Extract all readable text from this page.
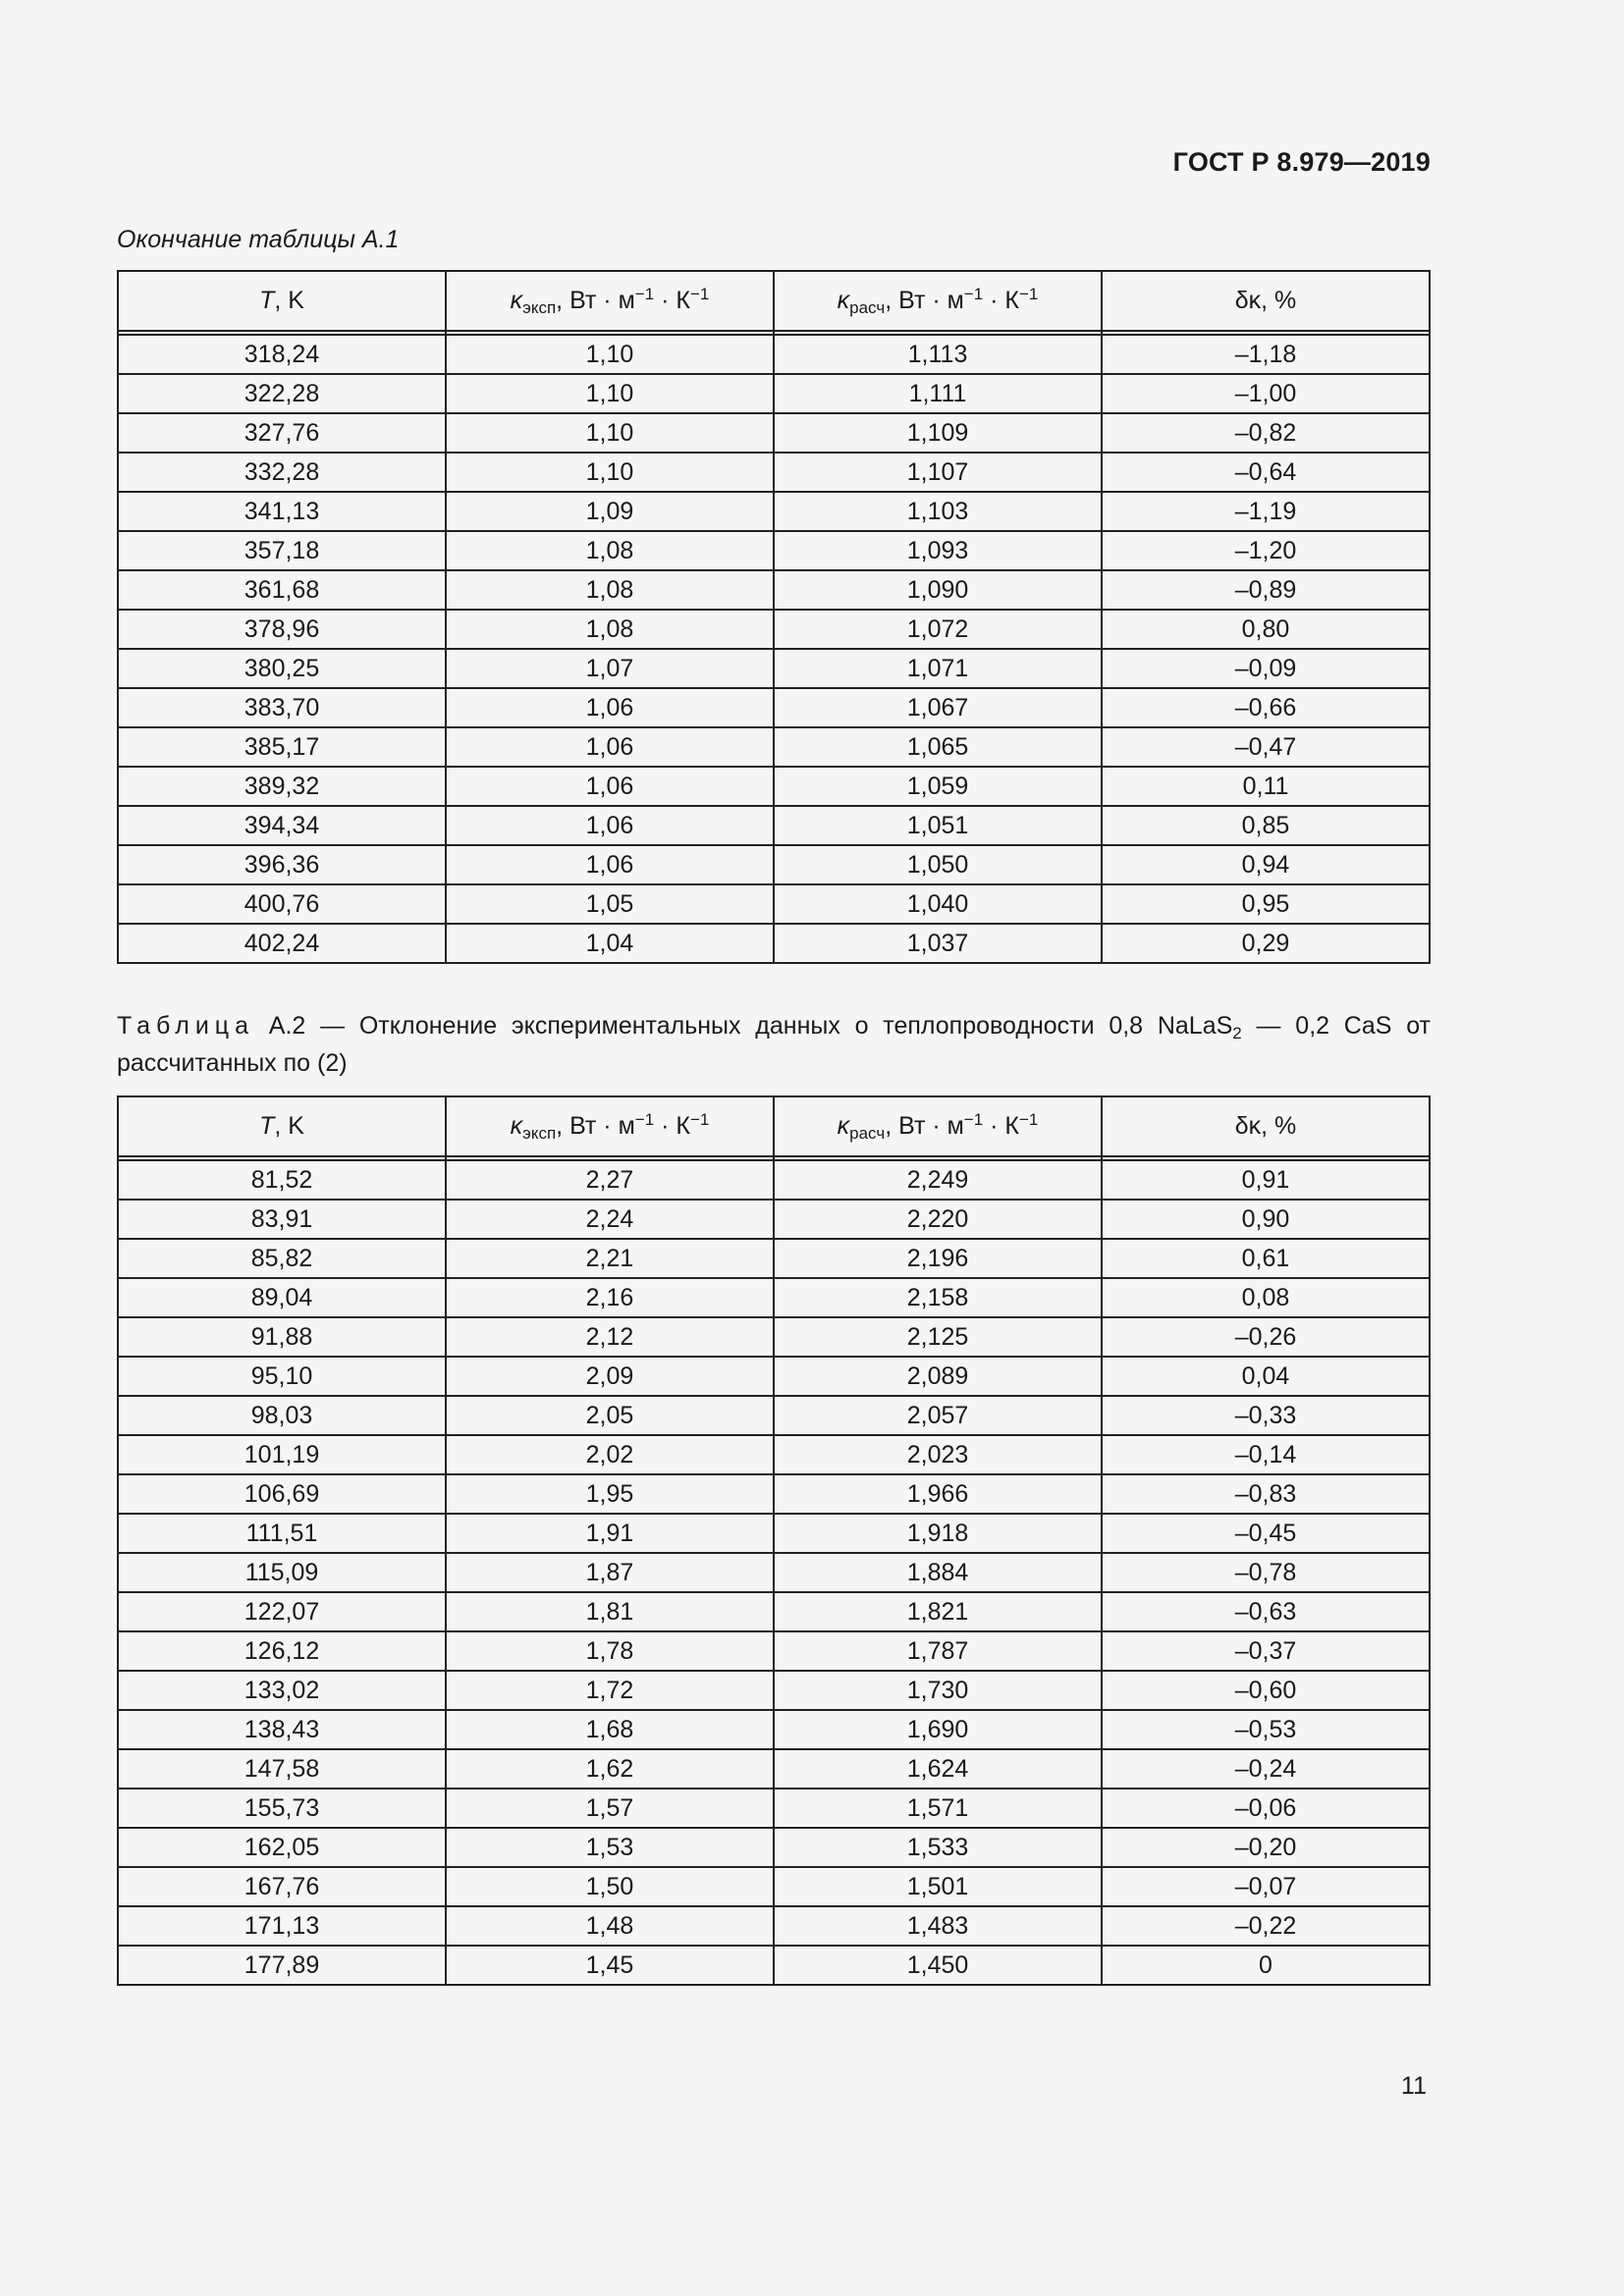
ГОСТ Р 8.979—2019
Окончание таблицы А.1
T, K	$\kappa_{эксп}$, Вт · $м^{-1} \cdot К^{-1}$	$\kappa_{расч}$, Вт · $м^{-1} \cdot К^{-1}$	δκ, %

318,24	1,10	1,113	–1,18
322,28	1,10	1,111	–1,00
327,76	1,10	1,109	–0,82
332,28	1,10	1,107	–0,64
341,13	1,09	1,103	–1,19
357,18	1,08	1,093	–1,20
361,68	1,08	1,090	–0,89
378,96	1,08	1,072	0,80
380,25	1,07	1,071	–0,09
383,70	1,06	1,067	–0,66
385,17	1,06	1,065	–0,47
389,32	1,06	1,059	0,11
394,34	1,06	1,051	0,85
396,36	1,06	1,050	0,94
400,76	1,05	1,040	0,95
402,24	1,04	1,037	0,29
Таблица А.2 — Отклонение экспериментальных данных о теплопроводности 0,8 NaLaS$_2$ — 0,2 CaS от рассчитанных по (2)
T, K	$\kappa_{эксп}$, Вт · $м^{-1} \cdot К^{-1}$	$\kappa_{расч}$, Вт · $м^{-1} \cdot К^{-1}$	δκ, %

81,52	2,27	2,249	0,91
83,91	2,24	2,220	0,90
85,82	2,21	2,196	0,61
89,04	2,16	2,158	0,08
91,88	2,12	2,125	–0,26
95,10	2,09	2,089	0,04
98,03	2,05	2,057	–0,33
101,19	2,02	2,023	–0,14
106,69	1,95	1,966	–0,83
111,51	1,91	1,918	–0,45
115,09	1,87	1,884	–0,78
122,07	1,81	1,821	–0,63
126,12	1,78	1,787	–0,37
133,02	1,72	1,730	–0,60
138,43	1,68	1,690	–0,53
147,58	1,62	1,624	–0,24
155,73	1,57	1,571	–0,06
162,05	1,53	1,533	–0,20
167,76	1,50	1,501	–0,07
171,13	1,48	1,483	–0,22
177,89	1,45	1,450	0
11
